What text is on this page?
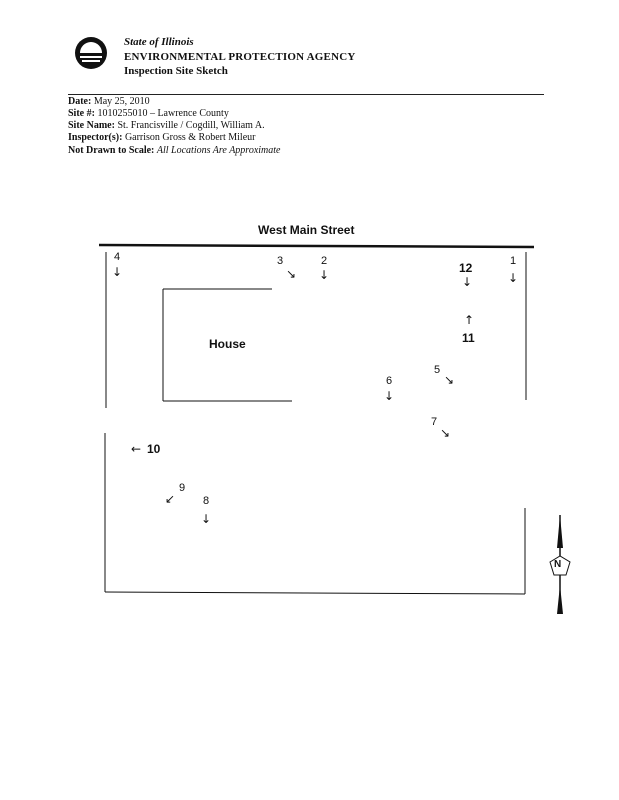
State of Illinois
ENVIRONMENTAL PROTECTION AGENCY
Inspection Site Sketch
Date: May 25, 2010
Site #: 1010255010 – Lawrence County
Site Name: St. Francisville / Cogdill, William A.
Inspector(s): Garrison Gross & Robert Mileur
Not Drawn to Scale: All Locations Are Approximate
N
West Main Street
House
1
↓
2
↓
3
↘
4
↓
5
↘
6
↓
7
↘
8
↓
9
↙
← 10
↑
11
12
↓
